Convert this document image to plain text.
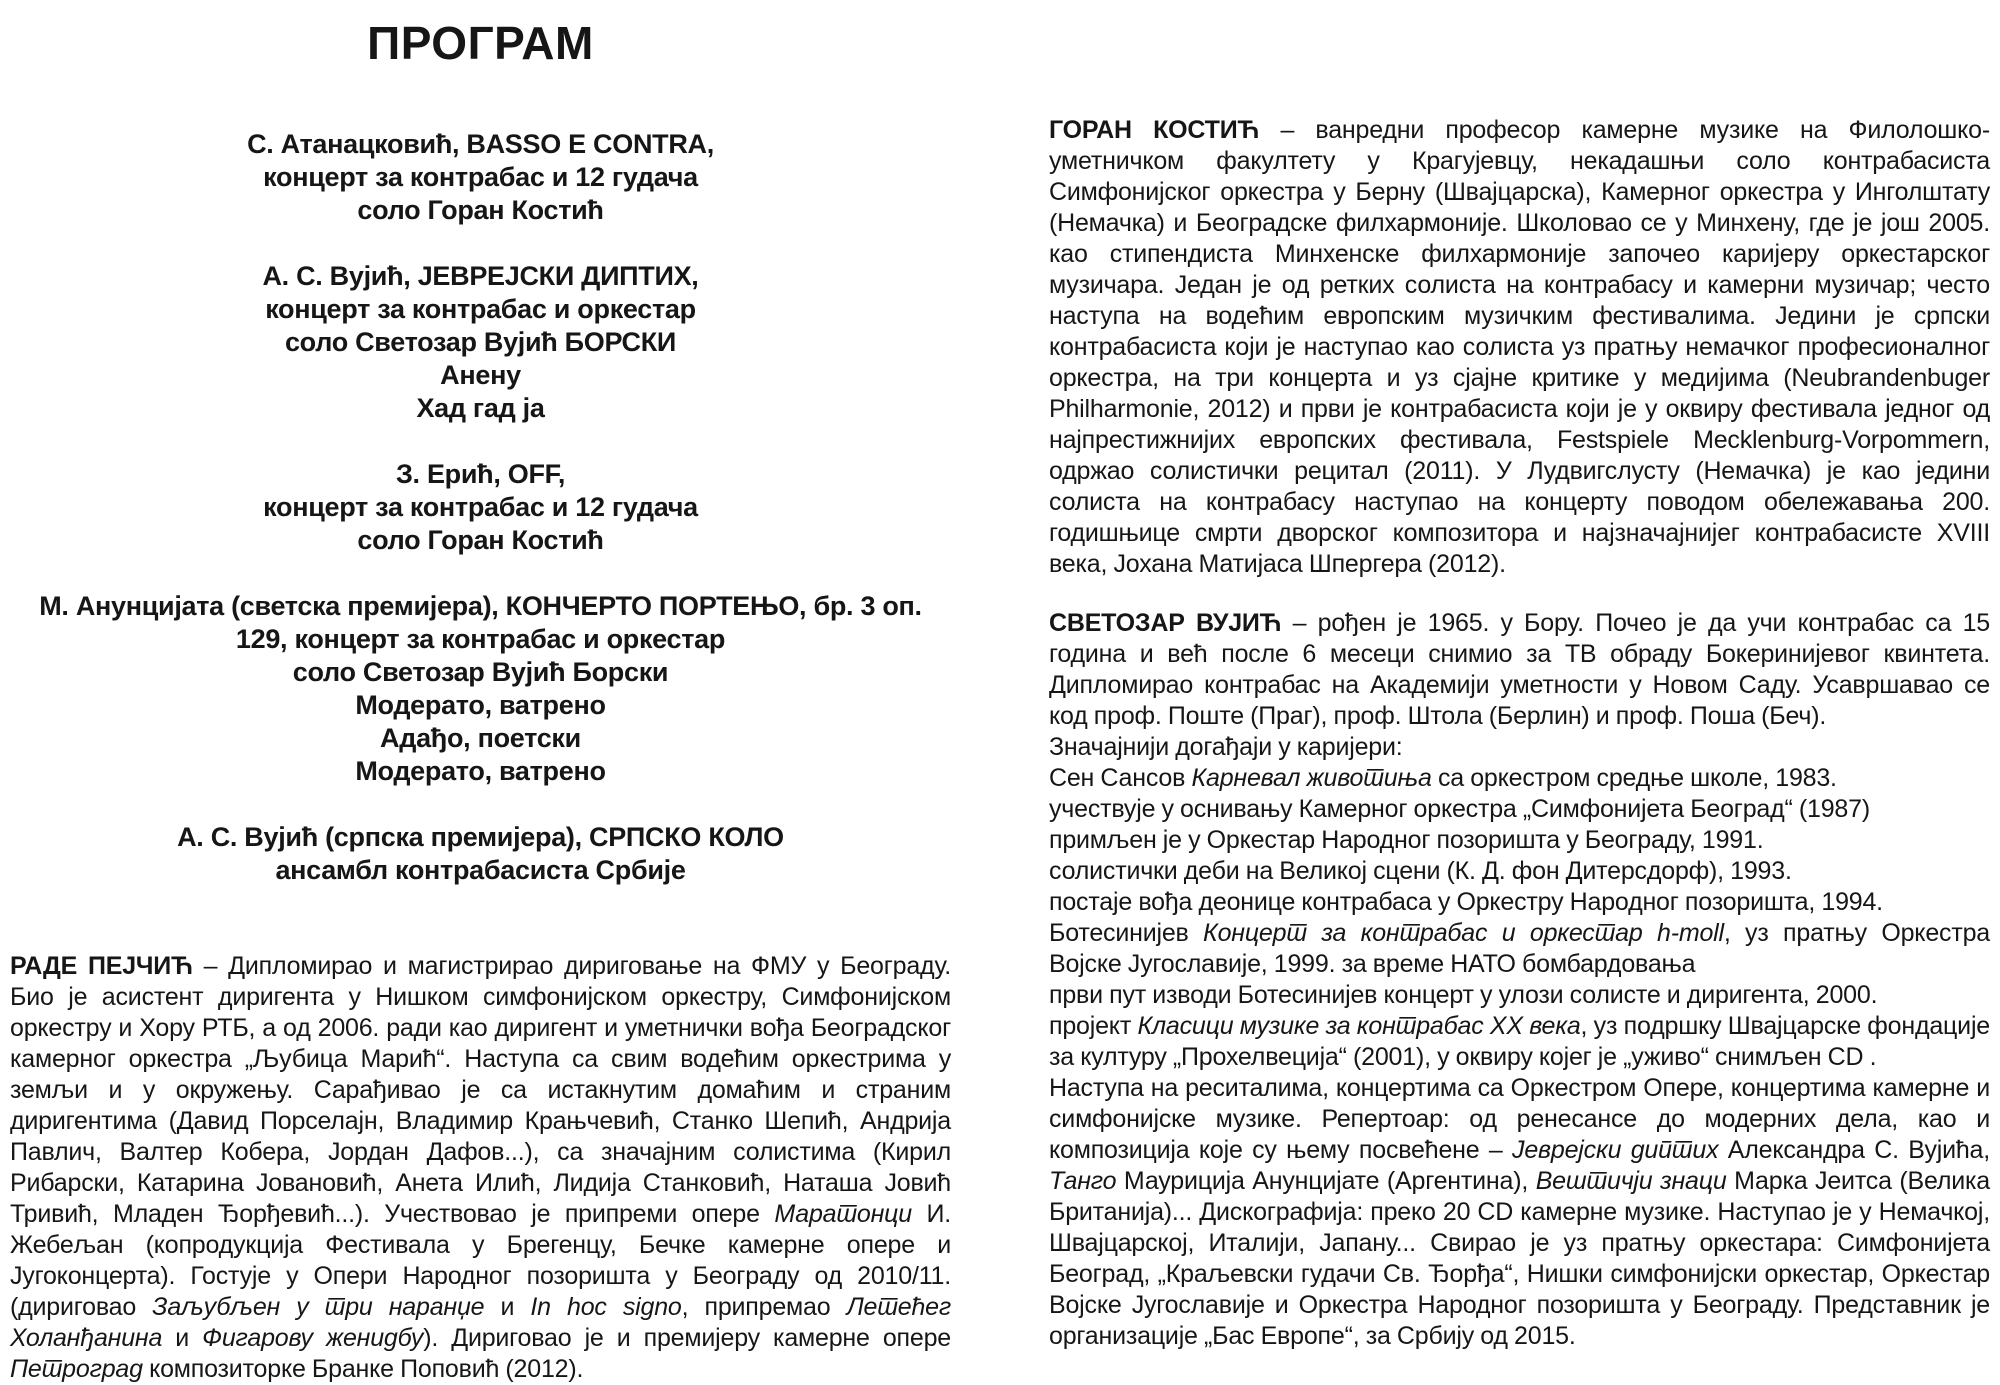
ПРОГРАМ

С. Атанацковић, BASSO E CONTRA,
концерт за контрабас и 12 гудача
соло Горан Костић

А. С. Вујић, ЈЕВРЕЈСКИ ДИПТИХ,
концерт за контрабас и оркестар
соло Светозар Вујић БОРСКИ
Анену
Хад гад ја

З. Ерић, OFF,
концерт за контрабас и 12 гудача
соло Горан Костић

М. Анунцијата (светска премијера), КОНЧЕРТО ПОРТЕЊО, бр. 3 оп.
129, концерт за контрабас и оркестар
соло Светозар Вујић Борски
Модерато, ватрено
Адађо, поетски
Модерато, ватрено

А. С. Вујић (српска премијера), СРПСКО КОЛО
ансамбл контрабасиста Србије

РАДЕ ПЕЈЧИЋ – Дипломирао и магистрирао дириговање на ФМУ у Београду. Био је асистент диригента у Нишком симфонијском оркестру, Симфонијском оркестру и Хору РТБ, а од 2006. ради као диригент и уметнички вођа Београдског камерног оркестра „Љубица Марић“. Наступа са свим водећим оркестрима у земљи и у окружењу. Сарађивао је са истакнутим домаћим и страним диригентима (Давид Порселајн, Владимир Крањчевић, Станко Шепић, Андрија Павлич, Валтер Кобера, Јордан Дафов...), са значајним солистима (Кирил Рибарски, Катарина Јовановић, Анета Илић, Лидија Станковић, Наташа Јовић Тривић, Младен Ђорђевић...). Учествовао је припреми опере Маратонци И. Жебељан (копродукција Фестивала у Брегенцу, Бечке камерне опере и Југоконцерта). Гостује у Опери Народног позоришта у Београду од 2010/11. (дириговао Заљубљен у три наранџе и In hoc signo, припремао Летећег Холанђанина и Фигарову женидбу). Дириговао је и премијеру камерне опере Петроград композиторке Бранке Поповић (2012).

ГОРАН КОСТИЋ – ванредни професор камерне музике на Филолошко-уметничком факултету у Крагујевцу, некадашњи соло контрабасиста Симфонијског оркестра у Берну (Швајцарска), Камерног оркестра у Инголштату (Немачка) и Београдске филхармоније. Школовао се у Минхену, где је још 2005. као стипендиста Минхенске филхармоније започео каријеру оркестарског музичара. Један је од ретких солиста на контрабасу и камерни музичар; често наступа на водећим европским музичким фестивалима. Једини је српски контрабасиста који је наступао као солиста уз пратњу немачког професионалног оркестра, на три концерта и уз сјајне критике у медијима (Neubrandenbuger Philharmonie, 2012) и први је контрабасиста који је у оквиру фестивала једног од најпрестижнијих европских фестивала, Festspiele Mecklenburg-Vorpommern, одржао солистички рецитал (2011). У Лудвигслусту (Немачка) је као једини солиста на контрабасу наступао на концерту поводом обележавања 200. годишњице смрти дворског композитора и најзначајнијег контрабасисте XVIII века, Јохана Матијаса Шпергера (2012).

СВЕТОЗАР ВУЈИЋ – рођен је 1965. у Бору. Почео је да учи контрабас са 15 година и већ после 6 месеци снимио за ТВ обраду Бокеринијевог квинтета. Дипломирао контрабас на Академији уметности у Новом Саду. Усавршавао се код проф. Поште (Праг), проф. Штола (Берлин) и проф. Поша (Беч).

Значајнији догађаји у каријери:

Сен Сансов Карневал животиња са оркестром средње школе, 1983.

учествује у оснивању Камерног оркестра „Симфонијета Београд“ (1987)

примљен је у Оркестар Народног позоришта у Београду, 1991.

солистички деби на Великој сцени (К. Д. фон Дитерсдорф), 1993.

постаје вођа деонице контрабаса у Оркестру Народног позоришта, 1994.

Ботесинијев Концерт за контрабас и оркестар h-moll, уз пратњу Оркестра Војске Југославије, 1999. за време НАТО бомбардовања

први пут изводи Ботесинијев концерт у улози солисте и диригента, 2000.

пројект Класици музике за контрабас XX века, уз подршку Швајцарске фондације за културу „Прохелвеција“ (2001), у оквиру којег је „уживо“ снимљен CD .

Наступа на реситалима, концертима са Оркестром Опере, концертима камерне и симфонијске музике. Репертоар: од ренесансе до модерних дела, као и композиција које су њему посвећене – Јеврејски диптих Александра С. Вујића, Танго Мауриција Анунцијате (Аргентина), Вештичји знаци Марка Јеитса (Велика Британија)... Дискографија: преко 20 CD камерне музике. Наступао је у Немачкој, Швајцарској, Италији, Јапану... Свирао је уз пратњу оркестара: Симфонијета Београд, „Краљевски гудачи Св. Ђорђа“, Нишки симфонијски оркестар, Оркестар Војске Југославије и Оркестра Народног позоришта у Београду. Представник је организације „Бас Европе“, за Србију од 2015.
